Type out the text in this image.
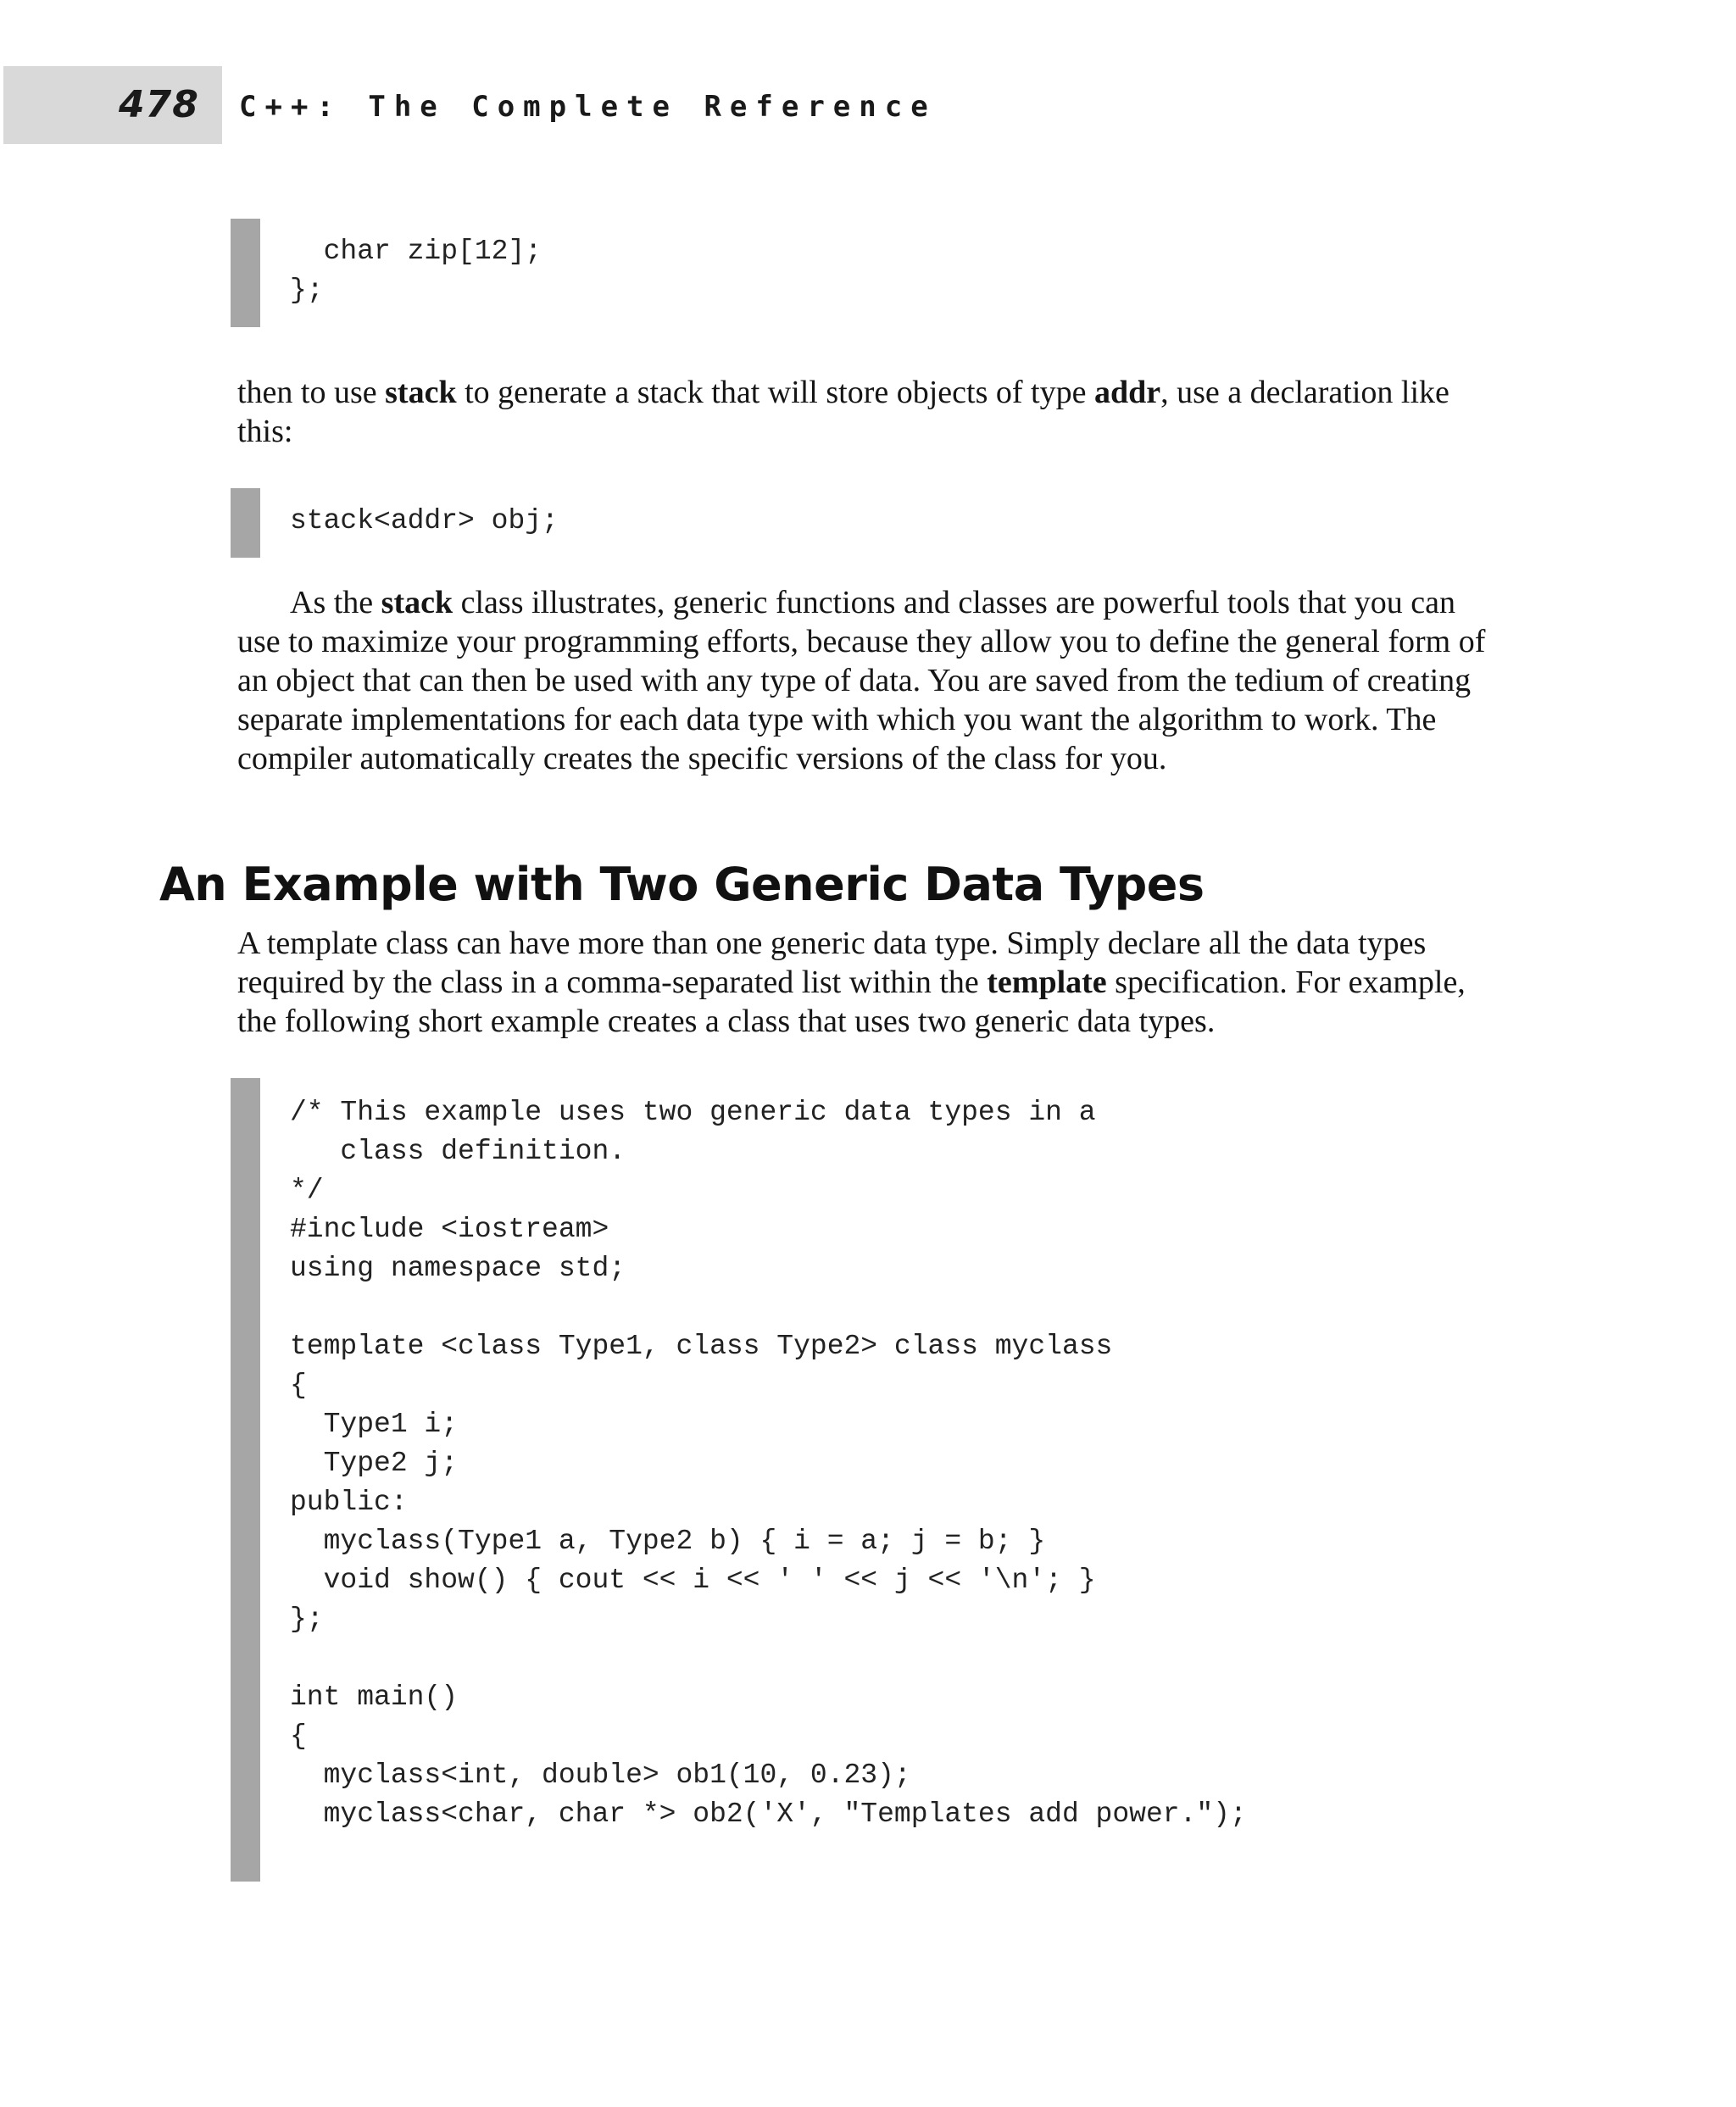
478 C++: The Complete Reference
char zip[12];
};

then to use stack to generate a stack that will store objects of type addr, use a declaration like this:

stack<addr> obj;

As the stack class illustrates, generic functions and classes are powerful tools that you can use to maximize your programming efforts, because they allow you to define the general form of an object that can then be used with any type of data. You are saved from the tedium of creating separate implementations for each data type with which you want the algorithm to work. The compiler automatically creates the specific versions of the class for you.

An Example with Two Generic Data Types

A template class can have more than one generic data type. Simply declare all the data types required by the class in a comma-separated list within the template specification. For example, the following short example creates a class that uses two generic data types.

/* This example uses two generic data types in a
class definition.
*/
#include <iostream>
using namespace std;

template <class Type1, class Type2> class myclass
{
Type1 i;
Type2 j;
public:
myclass(Type1 a, Type2 b) { i = a; j = b; }
void show() { cout << i << ' ' << j << '\n'; }
};

int main()
{
myclass<int, double> ob1(10, 0.23);
myclass<char, char *> ob2('X', "Templates add power.");
